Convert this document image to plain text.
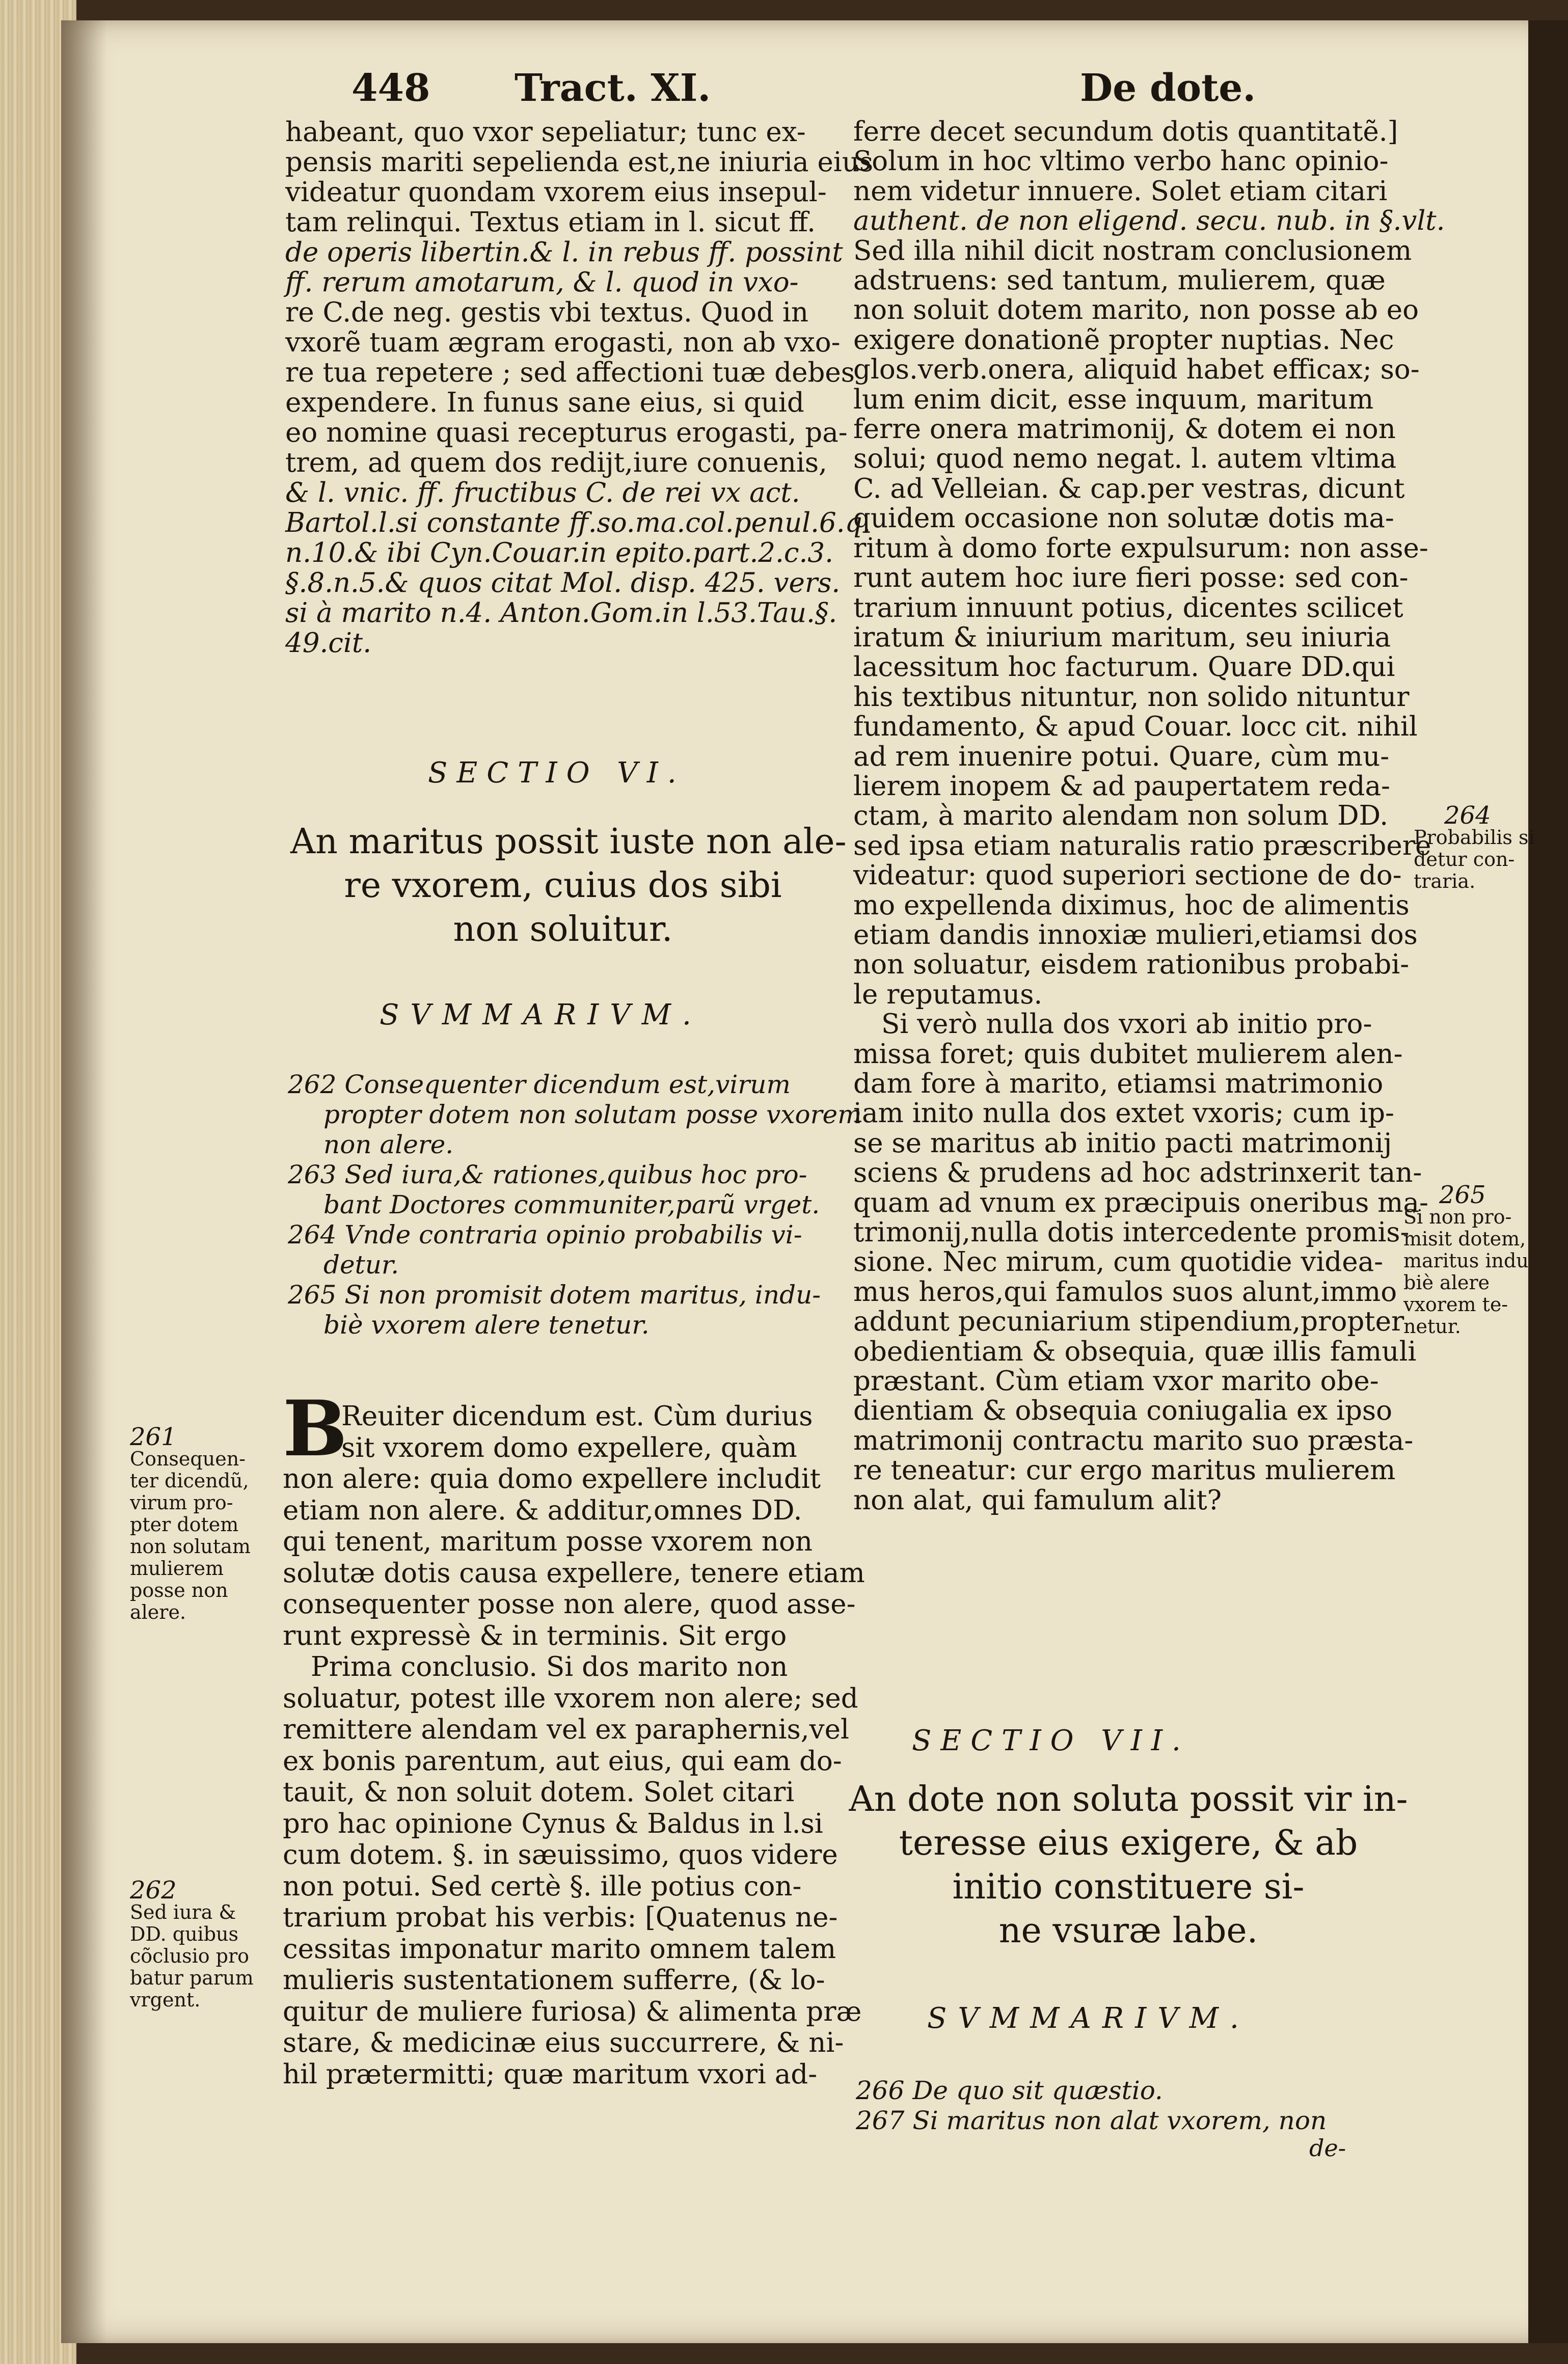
448 Tract. XI.	De dote.
habeant, quo vxor sepeliatur; tunc ex-
pensis mariti sepelienda est,ne iniuria eius
videatur quondam vxorem eius insepul-
tam relinqui. Textus etiam in l. sicut ff.
de operis libertin.& l. in rebus ff. possint
ff. rerum amotarum, & l. quod in vxo-
re C.de neg. gestis vbi textus. Quod in
vxorẽ tuam ægram erogasti, non ab vxo-
re tua repetere ; sed affectioni tuæ debes
expendere. In funus sane eius, si quid
eo nomine quasi recepturus erogasti, pa-
trem, ad quem dos redijt,iure conuenis,
& l. vnic. ff. fructibus C. de rei vx act.
Bartol.l.si constante ff.so.ma.col.penul.6.q.
n.10.& ibi Cyn.Couar.in epito.part.2.c.3.
§.8.n.5.& quos citat Mol. disp. 425. vers.
si à marito n.4. Anton.Gom.in l.53.Tau.§.
49.cit.
SECTIO VI.
An maritus possit iuste non ale-
re vxorem, cuius dos sibi
non soluitur.
SVMMARIVM.
262 Consequenter dicendum est,virum
propter dotem non solutam posse vxorem
non alere.
263 Sed iura,& rationes,quibus hoc pro-
bant Doctores communiter,parũ vrget.
264 Vnde contraria opinio probabilis vi-
detur.
265 Si non promisit dotem maritus, indu-
biè vxorem alere tenetur.
B
Reuiter dicendum est. Cùm durius
sit vxorem domo expellere, quàm
non alere: quia domo expellere includit
etiam non alere. & additur,omnes DD.
qui tenent, maritum posse vxorem non
solutæ dotis causa expellere, tenere etiam
consequenter posse non alere, quod asse-
runt expressè & in terminis. Sit ergo
Prima conclusio. Si dos marito non
soluatur, potest ille vxorem non alere; sed
remittere alendam vel ex paraphernis,vel
ex bonis parentum, aut eius, qui eam do-
tauit, & non soluit dotem. Solet citari
pro hac opinione Cynus & Baldus in l.si
cum dotem. §. in sæuissimo, quos videre
non potui. Sed certè §. ille potius con-
trarium probat his verbis: [Quatenus ne-
cessitas imponatur marito omnem talem
mulieris sustentationem sufferre, (& lo-
quitur de muliere furiosa) & alimenta præ
stare, & medicinæ eius succurrere, & ni-
hil prætermitti; quæ maritum vxori ad-
ferre decet secundum dotis quantitatẽ.]
Solum in hoc vltimo verbo hanc opinio-
nem videtur innuere. Solet etiam citari
authent. de non eligend. secu. nub. in §.vlt.
Sed illa nihil dicit nostram conclusionem
adstruens: sed tantum, mulierem, quæ
non soluit dotem marito, non posse ab eo
exigere donationẽ propter nuptias. Nec
glos.verb.onera, aliquid habet efficax; so-
lum enim dicit, esse inquum, maritum
ferre onera matrimonij, & dotem ei non
solui; quod nemo negat. l. autem vltima
C. ad Velleian. & cap.per vestras, dicunt
quidem occasione non solutæ dotis ma-
ritum à domo forte expulsurum: non asse-
runt autem hoc iure fieri posse: sed con-
trarium innuunt potius, dicentes scilicet
iratum & iniurium maritum, seu iniuria
lacessitum hoc facturum. Quare DD.qui
his textibus nituntur, non solido nituntur
fundamento, & apud Couar. locc cit. nihil
ad rem inuenire potui. Quare, cùm mu-
lierem inopem & ad paupertatem reda-
ctam, à marito alendam non solum DD.
sed ipsa etiam naturalis ratio præscribere
videatur: quod superiori sectione de do-
mo expellenda diximus, hoc de alimentis
etiam dandis innoxiæ mulieri,etiamsi dos
non soluatur, eisdem rationibus probabi-
le reputamus.
Si verò nulla dos vxori ab initio pro-
missa foret; quis dubitet mulierem alen-
dam fore à marito, etiamsi matrimonio
iam inito nulla dos extet vxoris; cum ip-
se se maritus ab initio pacti matrimonij
sciens & prudens ad hoc adstrinxerit tan-
quam ad vnum ex præcipuis oneribus ma-
trimonij,nulla dotis intercedente promis-
sione. Nec mirum, cum quotidie videa-
mus heros,qui famulos suos alunt,immo
addunt pecuniarium stipendium,propter
obedientiam & obsequia, quæ illis famuli
præstant. Cùm etiam vxor marito obe-
dientiam & obsequia coniugalia ex ipso
matrimonij contractu marito suo præsta-
re teneatur: cur ergo maritus mulierem
non alat, qui famulum alit?
SECTIO VII.
An dote non soluta possit vir in-
teresse eius exigere, & ab
initio constituere si-
ne vsuræ labe.
SVMMARIVM.
266 De quo sit quæstio.
267 Si maritus non alat vxorem, non
de-
261
Consequen-
ter dicendũ,
virum pro-
pter dotem
non solutam
mulierem
posse non
alere.
262
Sed iura &
DD. quibus
cõclusio pro
batur parum
vrgent.
264
Probabilis si
detur con-
traria.
265
Si non pro-
misit dotem,
maritus indu
biè alere
vxorem te-
netur.
